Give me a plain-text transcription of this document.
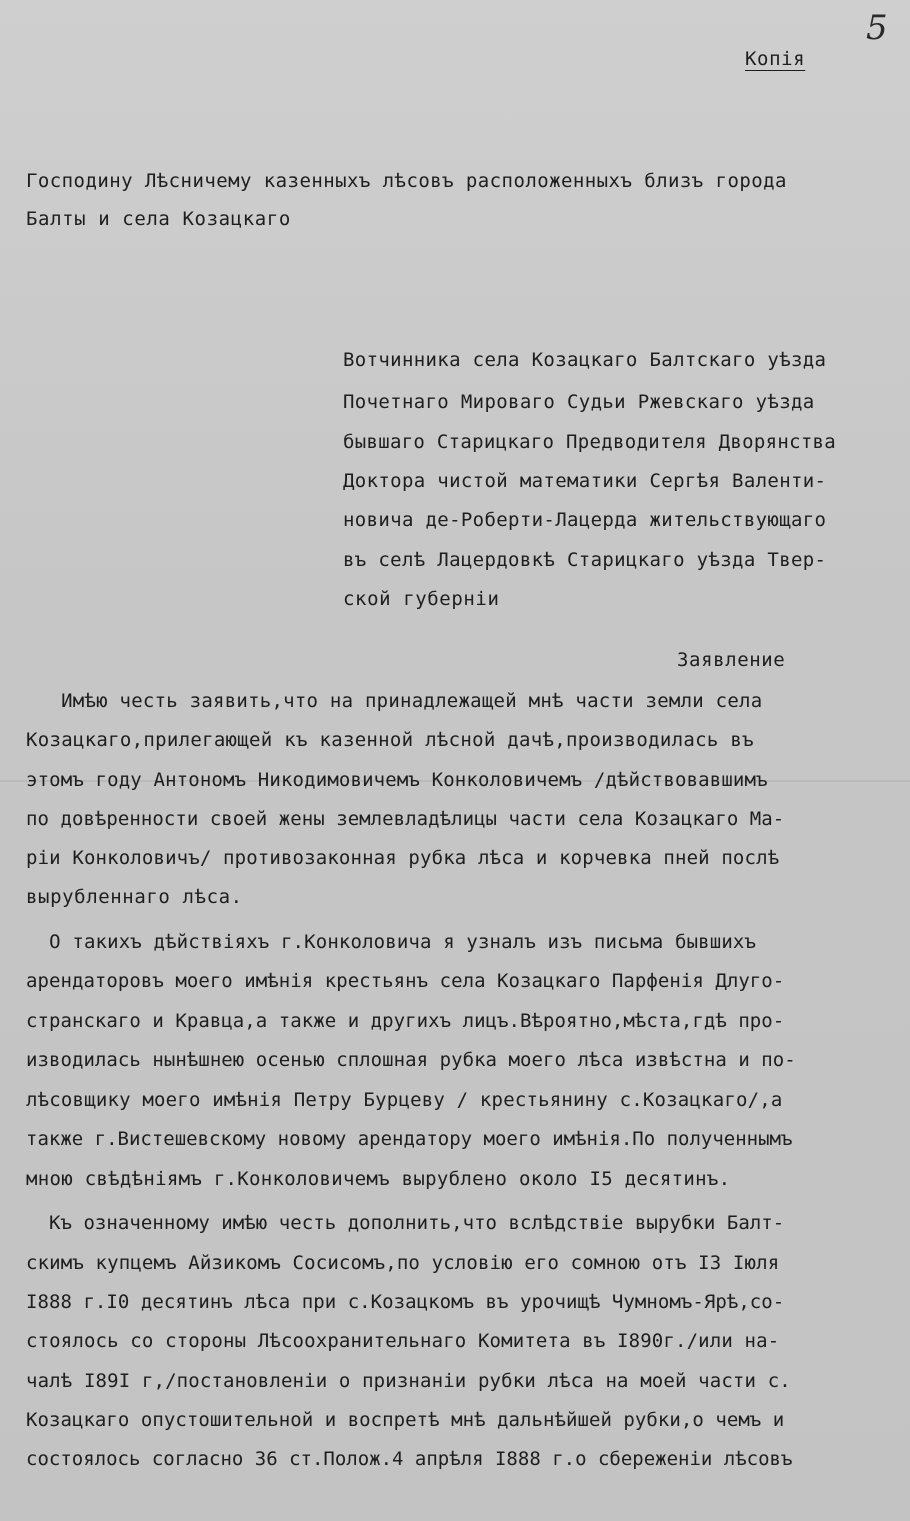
5
Копія
Господину Лѣсничему казенныхъ лѣсовъ расположенныхъ близъ города
Балты и села Козацкаго
Вотчинника села Козацкаго Балтскаго уѣзда
Почетнаго Мироваго Судьи Ржевскаго уѣзда
бывшаго Старицкаго Предводителя Дворянства
Доктора чистой математики Сергѣя Валенти-
новича де-Роберти-Лацерда жительствующаго
въ селѣ Лацердовкѣ Старицкаго уѣзда Твер-
ской губерніи
Заявление
Имѣю честь заявить,что на принадлежащей мнѣ части земли села
Козацкаго,прилегающей къ казенной лѣсной дачѣ,производилась въ
этомъ году Антономъ Никодимовичемъ Конколовичемъ /дѣйствовавшимъ
по довѣренности своей жены землевладѣлицы части села Козацкаго Ма-
ріи Конколовичъ/ противозаконная рубка лѣса и корчевка пней послѣ
вырубленнаго лѣса.
О такихъ дѣйствіяхъ г.Конколовича я узналъ изъ письма бывшихъ
арендаторовъ моего имѣнія крестьянъ села Козацкаго Парфенія Длуго-
странскаго и Кравца,а также и другихъ лицъ.Вѣроятно,мѣста,гдѣ про-
изводилась нынѣшнею осенью сплошная рубка моего лѣса извѣстна и по-
лѣсовщику моего имѣнія Петру Бурцеву / крестьянину с.Козацкаго/,а
также г.Вистешевскому новому арендатору моего имѣнія.По полученнымъ
мною свѣдѣніямъ г.Конколовичемъ вырублено около I5 десятинъ.
Къ означенному имѣю честь дополнить,что вслѣдствіе вырубки Балт-
скимъ купцемъ Айзикомъ Сосисомъ,по условію его сомною отъ I3 Іюля
I888 г.I0 десятинъ лѣса при с.Козацкомъ въ урочищѣ Чумномъ-Ярѣ,со-
стоялось со стороны Лѣсоохранительнаго Комитета въ I890г./или на-
чалѣ I89I г,/постановленіи о признаніи рубки лѣса на моей части с.
Козацкаго опустошительной и воспретѣ мнѣ дальнѣйшей рубки,о чемъ и
состоялось согласно 36 ст.Полож.4 апрѣля I888 г.о сбереженіи лѣсовъ
